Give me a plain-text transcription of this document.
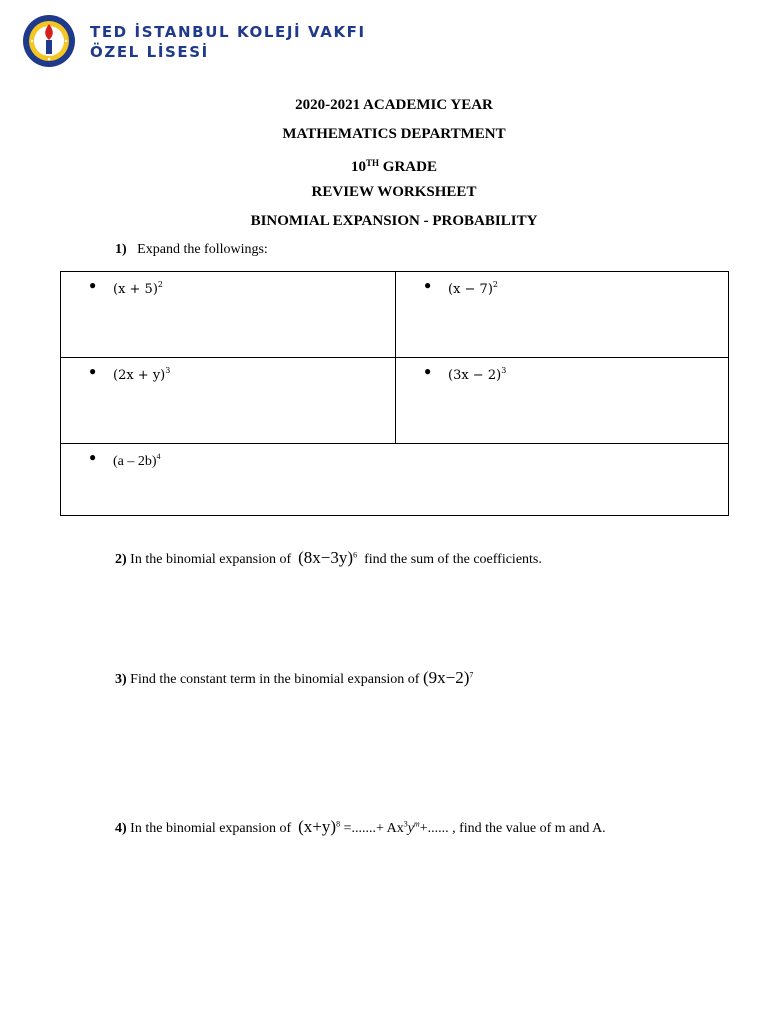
TED İSTANBUL KOLEJİ VAKFI
ÖZEL LİSESİ
2020-2021 ACADEMIC YEAR
MATHEMATICS DEPARTMENT
10TH GRADE
REVIEW WORKSHEET
BINOMIAL EXPANSION - PROBABILITY
1) Expand the followings:
● $(x + 5)^2$	● $(x - 7)^2$

● $(2x + y)^3$	● $(3x - 2)^3$

● (a – 2b)$^4$
2) In the binomial expansion of $(8x-3y)^6$ find the sum of the coefficients.
3) Find the constant term in the binomial expansion of $(9x-2)^7$
4) In the binomial expansion of $(x+y)^8$ =.......+ $Ax^3y^m+$...... , find the value of m and A.
